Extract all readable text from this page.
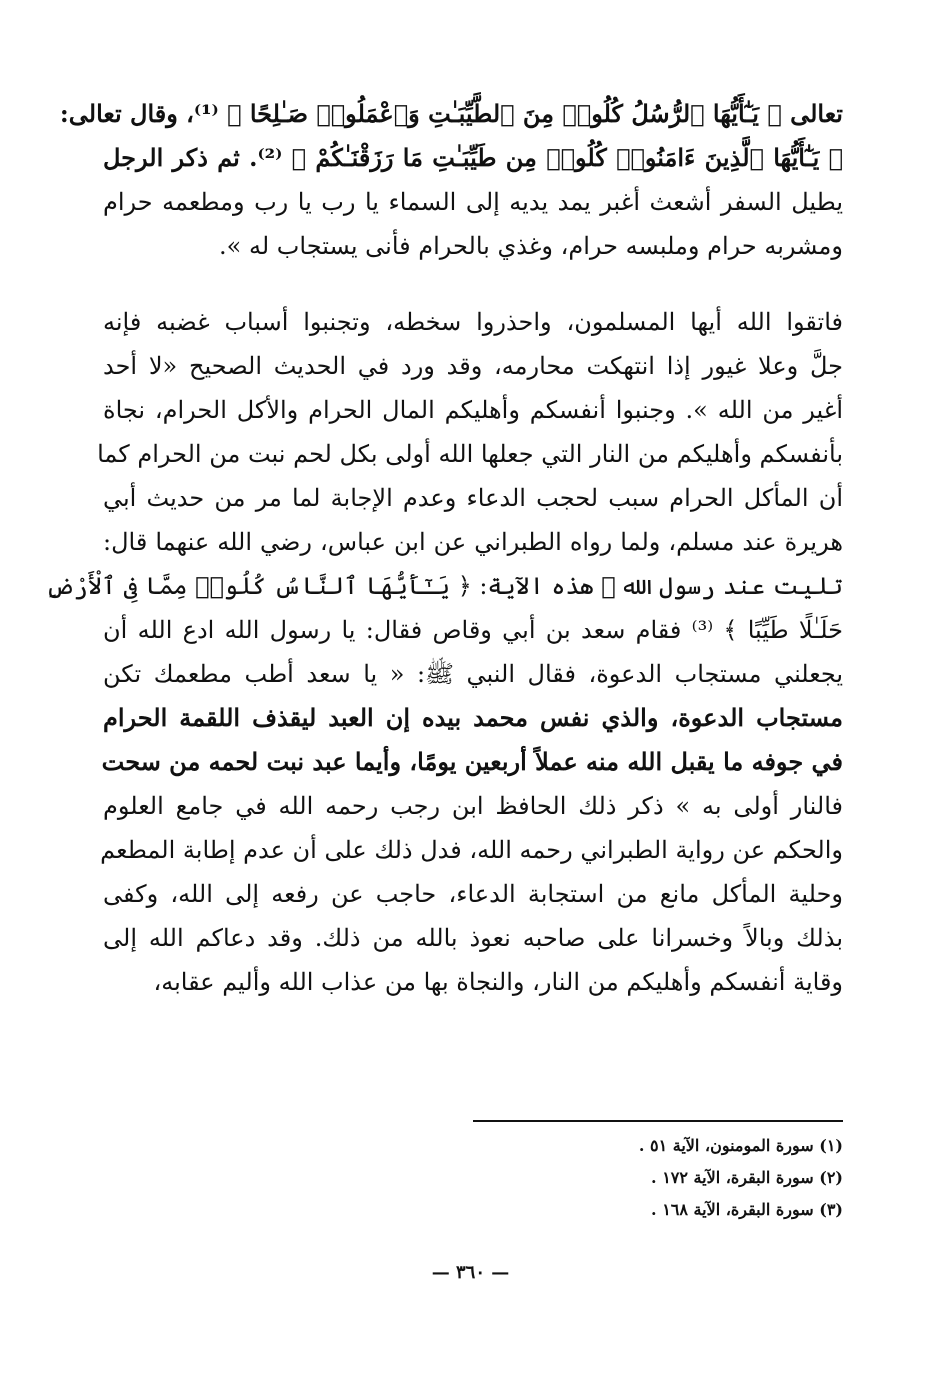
تعالى ﴿ يَـٰٓأَيُّهَا ٱلرُّسُلُ كُلُوا۟ مِنَ ٱلطَّيِّبَـٰتِ وَٱعْمَلُوا۟ صَـٰلِحًا ﴾ ⁽¹⁾، وقال تعالى:
﴿ يَـٰٓأَيُّهَا ٱلَّذِينَ ءَامَنُوا۟ كُلُوا۟ مِن طَيِّبَـٰتِ مَا رَزَقْنَـٰكُمْ ﴾ ⁽²⁾. ثم ذكر الرجل
يطيل السفر أشعث أغبر يمد يديه إلى السماء يا رب يا رب ومطعمه حرام
ومشربه حرام وملبسه حرام، وغذي بالحرام فأنى يستجاب له ».
فاتقوا الله أيها المسلمون، واحذروا سخطه، وتجنبوا أسباب غضبه فإنه
جلَّ وعلا غيور إذا انتهكت محارمه، وقد ورد في الحديث الصحيح «لا أحد
أغير من الله ». وجنبوا أنفسكم وأهليكم المال الحرام والأكل الحرام، نجاة
بأنفسكم وأهليكم من النار التي جعلها الله أولى بكل لحم نبت من الحرام كما
أن المأكل الحرام سبب لحجب الدعاء وعدم الإجابة لما مر من حديث أبي
هريرة عند مسلم، ولما رواه الطبراني عن ابن عباس، رضي الله عنهما قال:
تليت عند رسول الله ﷺ هذه الآية: ﴿ يَـٰٓأَيُّهَا ٱلنَّاسُ كُلُوا۟ مِمَّا فِى ٱلْأَرْضِ
حَلَـٰلًا طَيِّبًا ﴾ ⁽³⁾ فقام سعد بن أبي وقاص فقال: يا رسول الله ادع الله أن
يجعلني مستجاب الدعوة، فقال النبي ﷺ: « يا سعد أطب مطعمك تكن
مستجاب الدعوة، والذي نفس محمد بيده إن العبد ليقذف اللقمة الحرام
في جوفه ما يقبل الله منه عملاً أربعين يومًا، وأيما عبد نبت لحمه من سحت
فالنار أولى به » ذكر ذلك الحافظ ابن رجب رحمه الله في جامع العلوم
والحكم عن رواية الطبراني رحمه الله، فدل ذلك على أن عدم إطابة المطعم
وحلية المأكل مانع من استجابة الدعاء، حاجب عن رفعه إلى الله، وكفى
بذلك وبالاً وخسرانا على صاحبه نعوذ بالله من ذلك. وقد دعاكم الله إلى
وقاية أنفسكم وأهليكم من النار، والنجاة بها من عذاب الله وأليم عقابه،
(١) سورة المومنون، الآية ٥١ .
(٢) سورة البقرة، الآية ١٧٢ .
(٣) سورة البقرة، الآية ١٦٨ .
— ٣٦٠ —
